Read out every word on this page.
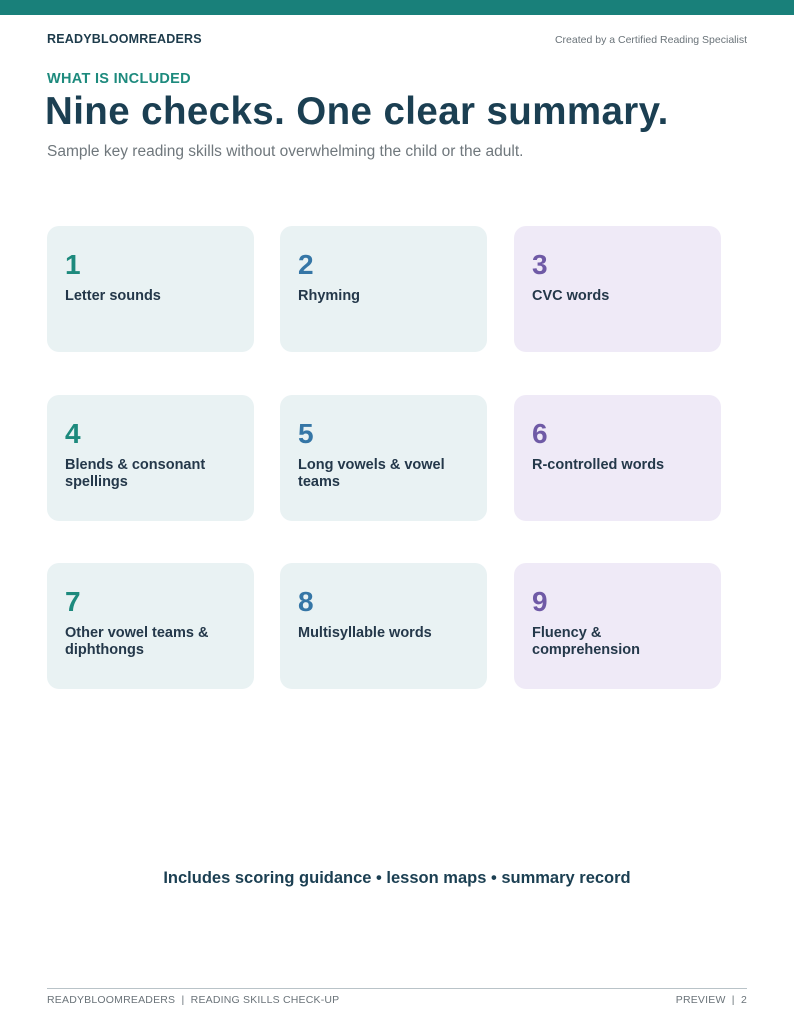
READYBLOOMREADERS	Created by a Certified Reading Specialist
WHAT IS INCLUDED
Nine checks. One clear summary.
Sample key reading skills without overwhelming the child or the adult.
1
Letter sounds
2
Rhyming
3
CVC words
4
Blends & consonant spellings
5
Long vowels & vowel teams
6
R-controlled words
7
Other vowel teams & diphthongs
8
Multisyllable words
9
Fluency & comprehension
Includes scoring guidance • lesson maps • summary record
READYBLOOMREADERS  |  READING SKILLS CHECK-UP	PREVIEW  |  2
